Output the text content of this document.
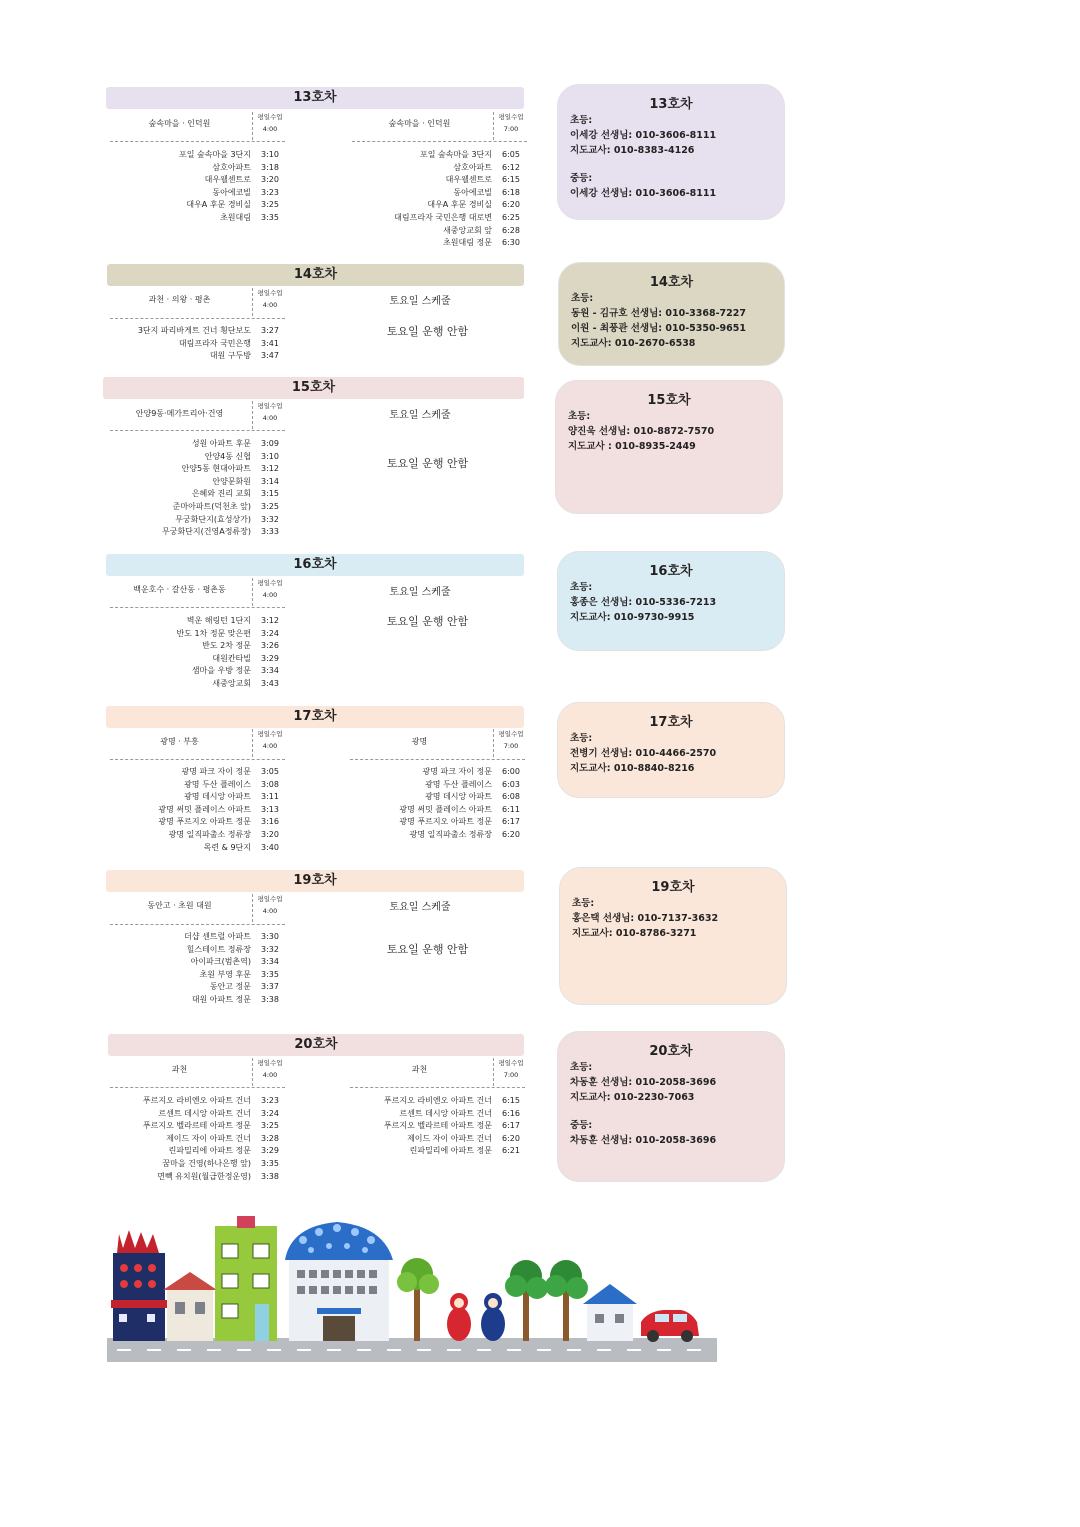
13호차
숲속마을 · 인덕원
평일수업
4:00
포일 숲속마을 3단지	3:10
삼호아파트	3:18
대우웰센트로	3:20
동아에코빌	3:23
대우A 후문 경비실	3:25
초원대림	3:35
숲속마을 · 인덕원
평일수업
7:00
포일 숲속마을 3단지	6:05
삼호아파트	6:12
대우웰센트로	6:15
동아에코빌	6:18
대우A 후문 경비실	6:20
대림프라자 국민은행 대로변	6:25
새중앙교회 앞	6:28
초원대림 정문	6:30
13호차
초등:
이세강 선생님: 010-3606-8111
지도교사: 010-8383-4126
중등:
이세강 선생님: 010-3606-8111
14호차
과천 · 의왕 · 평촌
평일수업
4:00
3단지 파리바게트 건너 횡단보도	3:27
대림프라자 국민은행	3:41
대원 구두방	3:47
토요일 스케줄
토요일 운행 안함
14호차
초등:
동원 - 김규호 선생님: 010-3368-7227
이원 - 최풍관 선생님: 010-5350-9651
지도교사: 010-2670-6538
15호차
안양9동·메가트리아·건영
평일수업
4:00
성원 아파트 후문	3:09
안양4동 신협	3:10
안양5동 현대아파트	3:12
안양문화원	3:14
은혜와 진리 교회	3:15
준마아파트(덕천초 앞)	3:25
무궁화단지(효성상가)	3:32
무궁화단지(건영A정류장)	3:33
토요일 스케줄
토요일 운행 안함
15호차
초등:
양진욱 선생님: 010-8872-7570
지도교사 : 010-8935-2449
16호차
백운호수 · 갈산동 · 평촌동
평일수업
4:00
벽운 해링턴 1단지	3:12
반도 1차 정문 맞은편	3:24
반도 2차 정문	3:26
대원칸타빌	3:29
샘마을 우방 정문	3:34
새중앙교회	3:43
토요일 스케줄
토요일 운행 안함
16호차
초등:
홍종은 선생님: 010-5336-7213
지도교사: 010-9730-9915
17호차
광명 · 부흥
평일수업
4:00
광명 파크 자이 정문	3:05
광명 두산 플레이스	3:08
광명 데시앙 아파트	3:11
광명 써밋 플레이스 아파트	3:13
광명 푸르지오 아파트 정문	3:16
광명 일직파출소 정류장	3:20
목련 & 9단지	3:40
광명
평일수업
7:00
광명 파크 자이 정문	6:00
광명 두산 플레이스	6:03
광명 데시앙 아파트	6:08
광명 써밋 플레이스 아파트	6:11
광명 푸르지오 아파트 정문	6:17
광명 일직파출소 정류장	6:20
17호차
초등:
전병기 선생님: 010-4466-2570
지도교사: 010-8840-8216
19호차
동안고 · 초원 대원
평일수업
4:00
더샵 센트럴 아파트	3:30
힐스테이트 정류장	3:32
아이파크(범촌역)	3:34
초원 부영 후문	3:35
동안고 정문	3:37
대원 아파트 정문	3:38
토요일 스케줄
토요일 운행 안함
19호차
초등:
홍은택 선생님: 010-7137-3632
지도교사: 010-8786-3271
20호차
과천
평일수업
4:00
푸르지오 라비엔오 아파트 건너	3:23
르센트 데시앙 아파트 건너	3:24
푸르지오 벨라르테 아파트 정문	3:25
제이드 자이 아파트 건너	3:28
린파밀리에 아파트 정문	3:29
꿈마을 건영(하나은행 앞)	3:35
면빽 유치원(월급한정운영)	3:38
과천
평일수업
7:00
푸르지오 라비엔오 아파트 건너	6:15
르센트 데시앙 아파트 건너	6:16
푸르지오 벨라르테 아파트 정문	6:17
제이드 자이 아파트 건너	6:20
린파밀리에 아파트 정문	6:21
20호차
초등:
차동훈 선생님: 010-2058-3696
지도교사: 010-2230-7063
중등:
차동훈 선생님: 010-2058-3696
